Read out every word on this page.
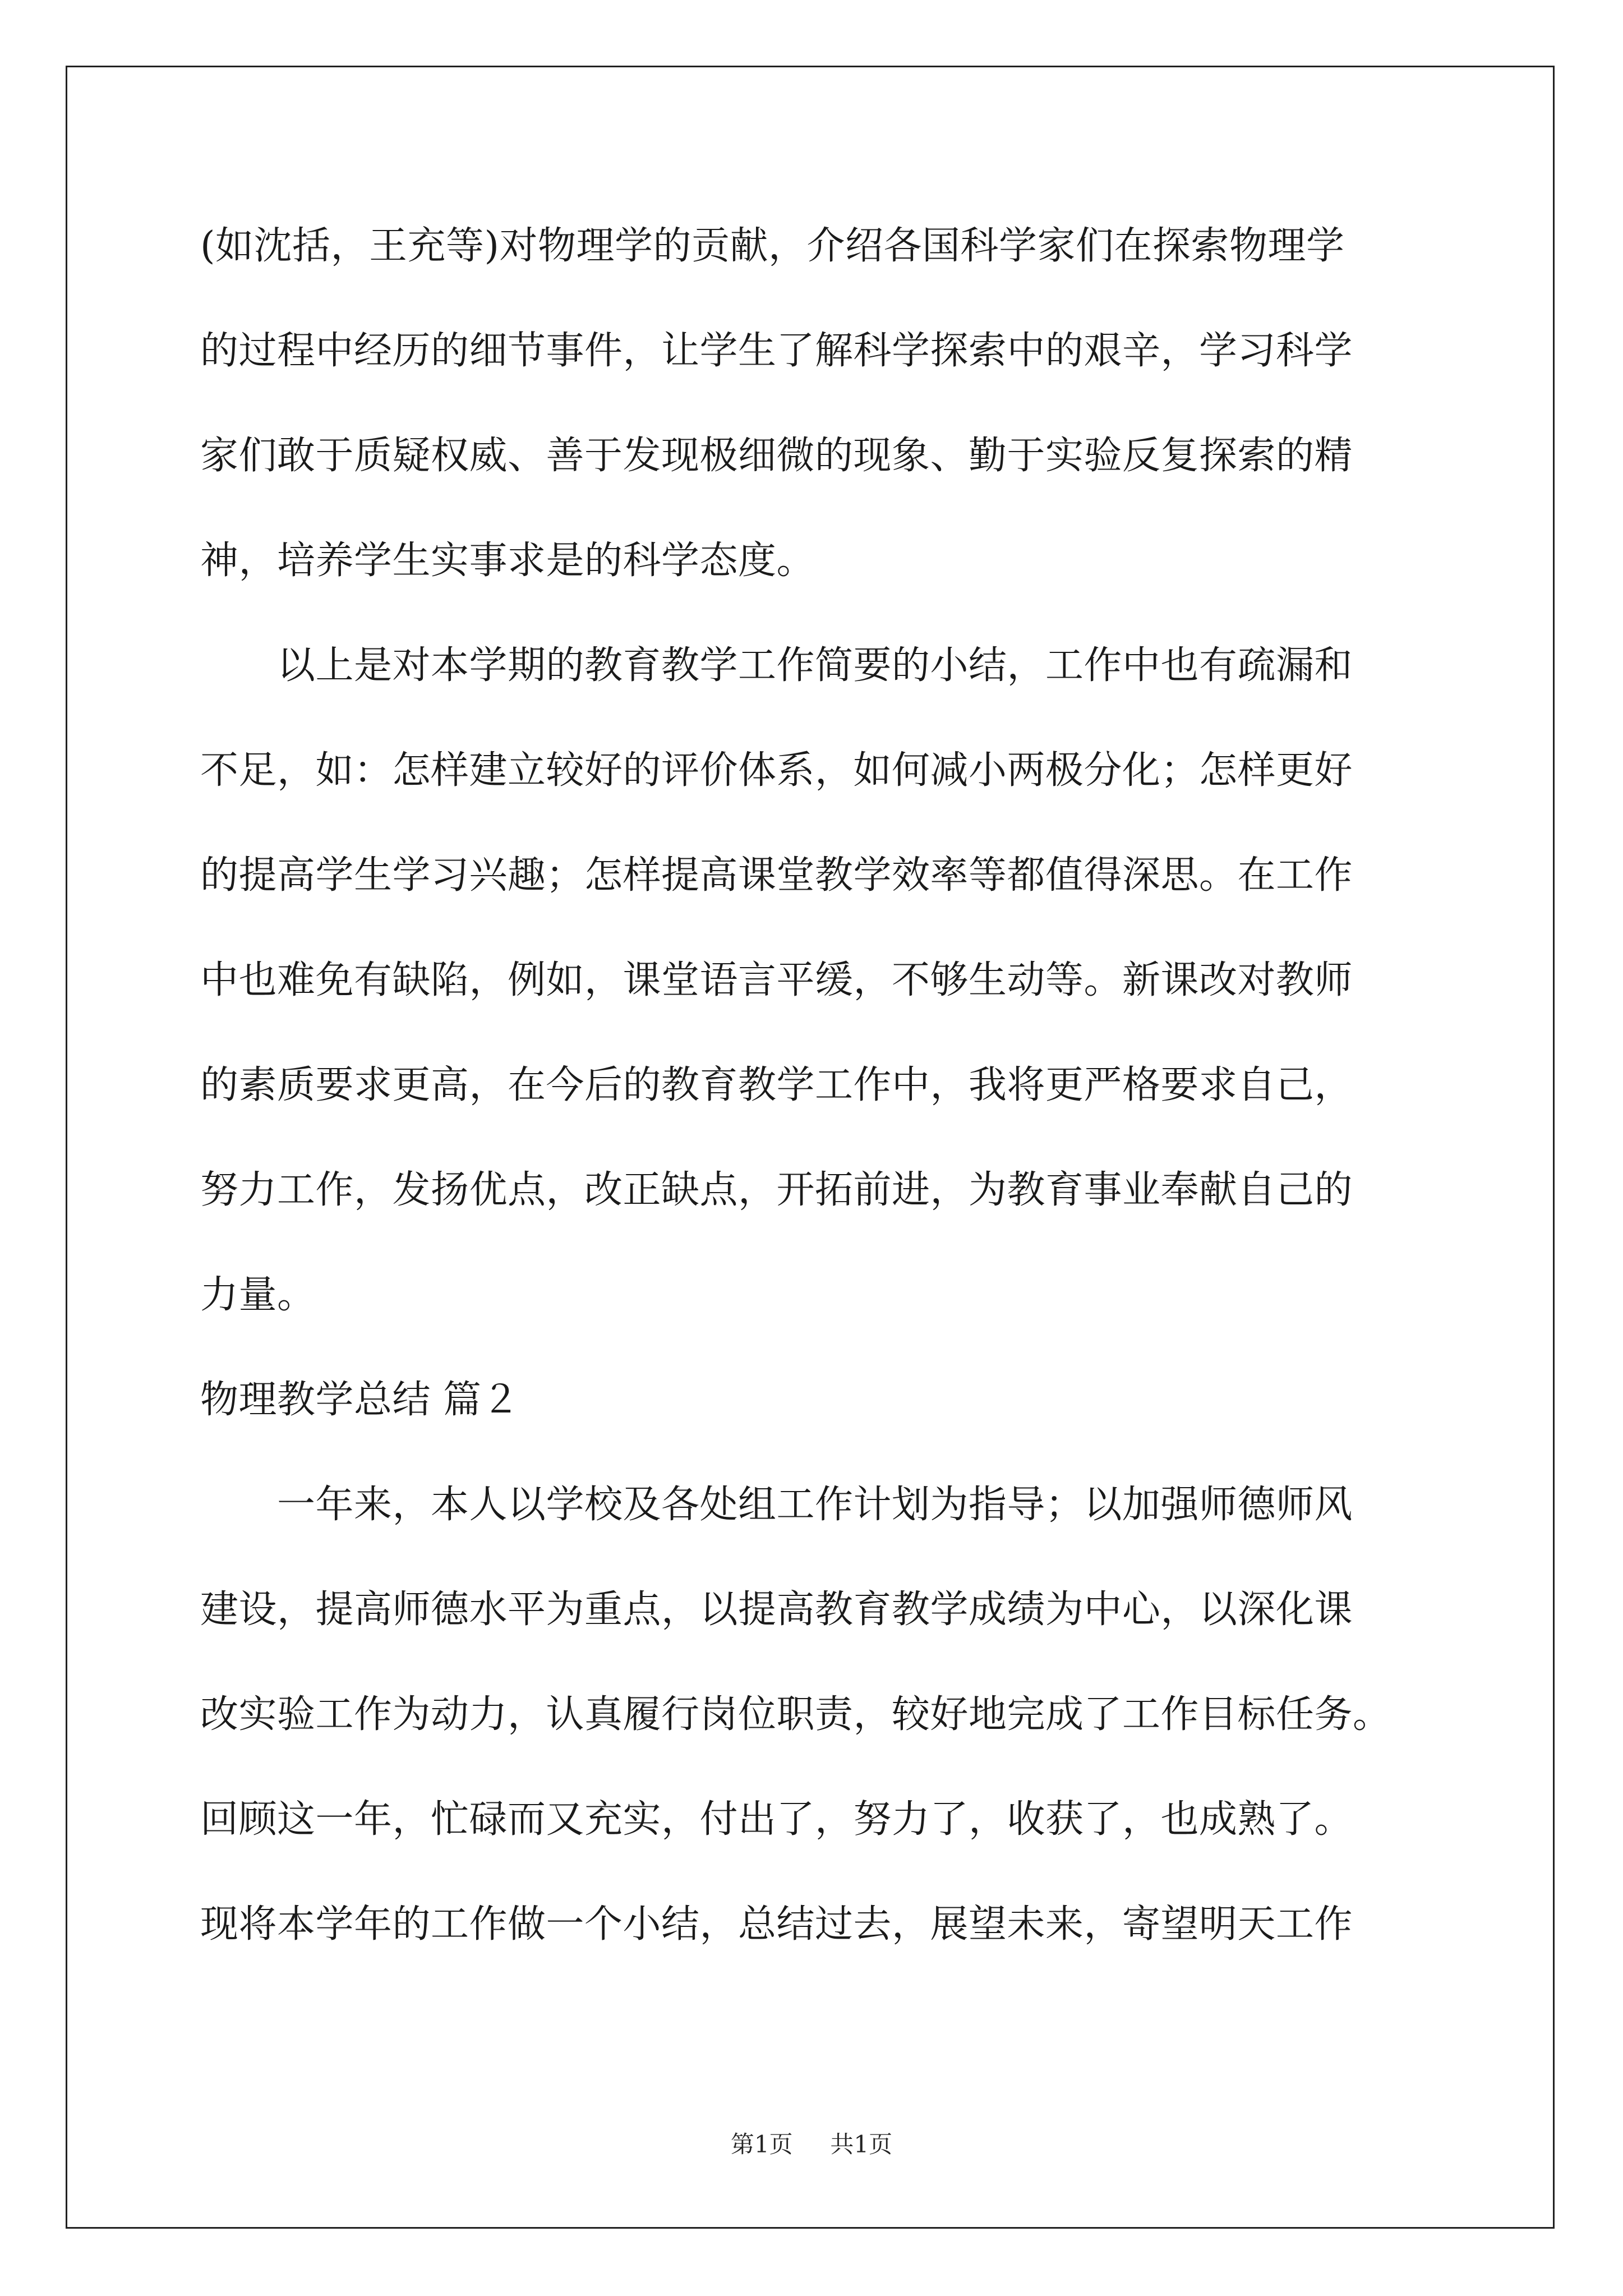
(如沈括，王充等)对物理学的贡献，介绍各国科学家们在探索物理学
的过程中经历的细节事件，让学生了解科学探索中的艰辛，学习科学
家们敢于质疑权威、善于发现极细微的现象、勤于实验反复探索的精
神，培养学生实事求是的科学态度。
　　以上是对本学期的教育教学工作简要的小结，工作中也有疏漏和
不足，如：怎样建立较好的评价体系，如何减小两极分化；怎样更好
的提高学生学习兴趣；怎样提高课堂教学效率等都值得深思。在工作
中也难免有缺陷，例如，课堂语言平缓，不够生动等。新课改对教师
的素质要求更高，在今后的教育教学工作中，我将更严格要求自己，
努力工作，发扬优点，改正缺点，开拓前进，为教育事业奉献自己的
力量。
物理教学总结 篇２
　　一年来，本人以学校及各处组工作计划为指导；以加强师德师风
建设，提高师德水平为重点，以提高教育教学成绩为中心，以深化课
改实验工作为动力，认真履行岗位职责，较好地完成了工作目标任务。
回顾这一年，忙碌而又充实，付出了，努力了，收获了，也成熟了。
现将本学年的工作做一个小结，总结过去，展望未来，寄望明天工作
第1页 共1页
